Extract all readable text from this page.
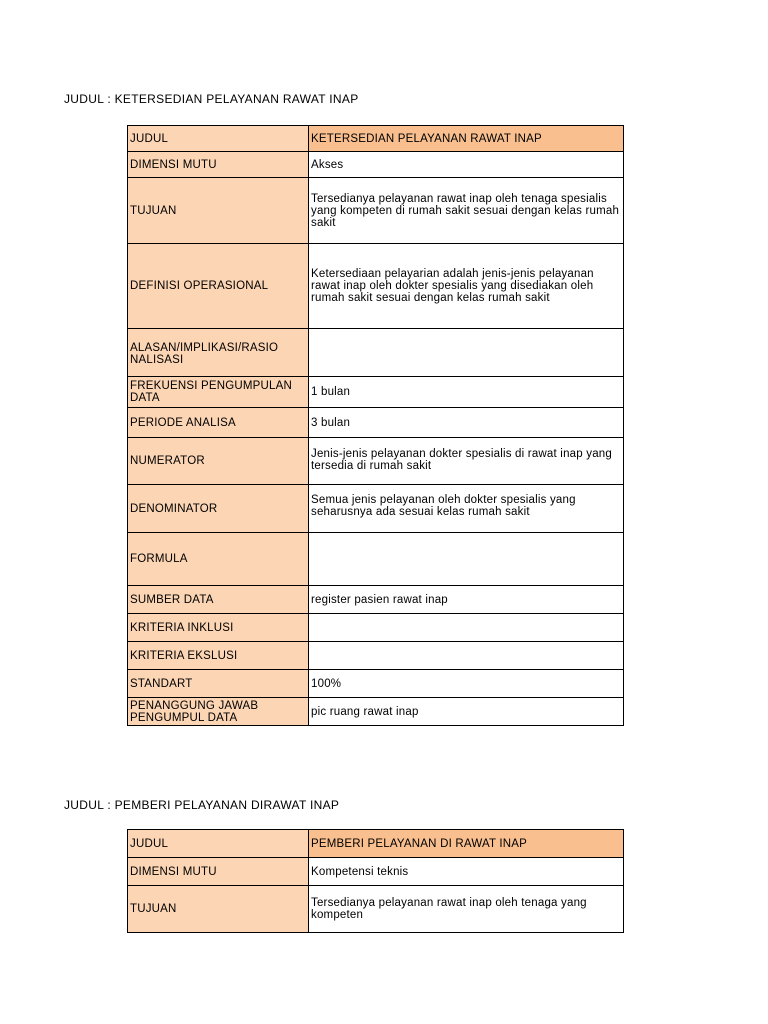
JUDUL : KETERSEDIAN PELAYANAN RAWAT INAP
JUDUL	KETERSEDIAN PELAYANAN RAWAT INAP
DIMENSI MUTU	Akses
TUJUAN	Tersedianya pelayanan rawat inap oleh tenaga spesialis yang kompeten di rumah sakit sesuai dengan kelas rumah sakit
DEFINISI OPERASIONAL	Ketersediaan pelayarian adalah jenis-jenis pelayanan rawat inap oleh dokter spesialis yang disediakan oleh rumah sakit sesuai dengan kelas rumah sakit
ALASAN/IMPLIKASI/RASIO NALISASI	
FREKUENSI PENGUMPULAN DATA	1 bulan
PERIODE ANALISA	3 bulan
NUMERATOR	Jenis-jenis pelayanan dokter spesialis di rawat inap yang tersedia di rumah sakit
DENOMINATOR	Semua jenis pelayanan oleh dokter spesialis yang seharusnya ada sesuai kelas rumah sakit
FORMULA	
SUMBER DATA	register pasien rawat inap
KRITERIA INKLUSI	
KRITERIA EKSLUSI	
STANDART	100%
PENANGGUNG JAWAB PENGUMPUL DATA	pic ruang rawat inap
JUDUL : PEMBERI PELAYANAN DIRAWAT INAP
JUDUL	PEMBERI PELAYANAN DI RAWAT INAP
DIMENSI MUTU	Kompetensi teknis
TUJUAN	Tersedianya pelayanan rawat inap oleh tenaga yang kompeten
